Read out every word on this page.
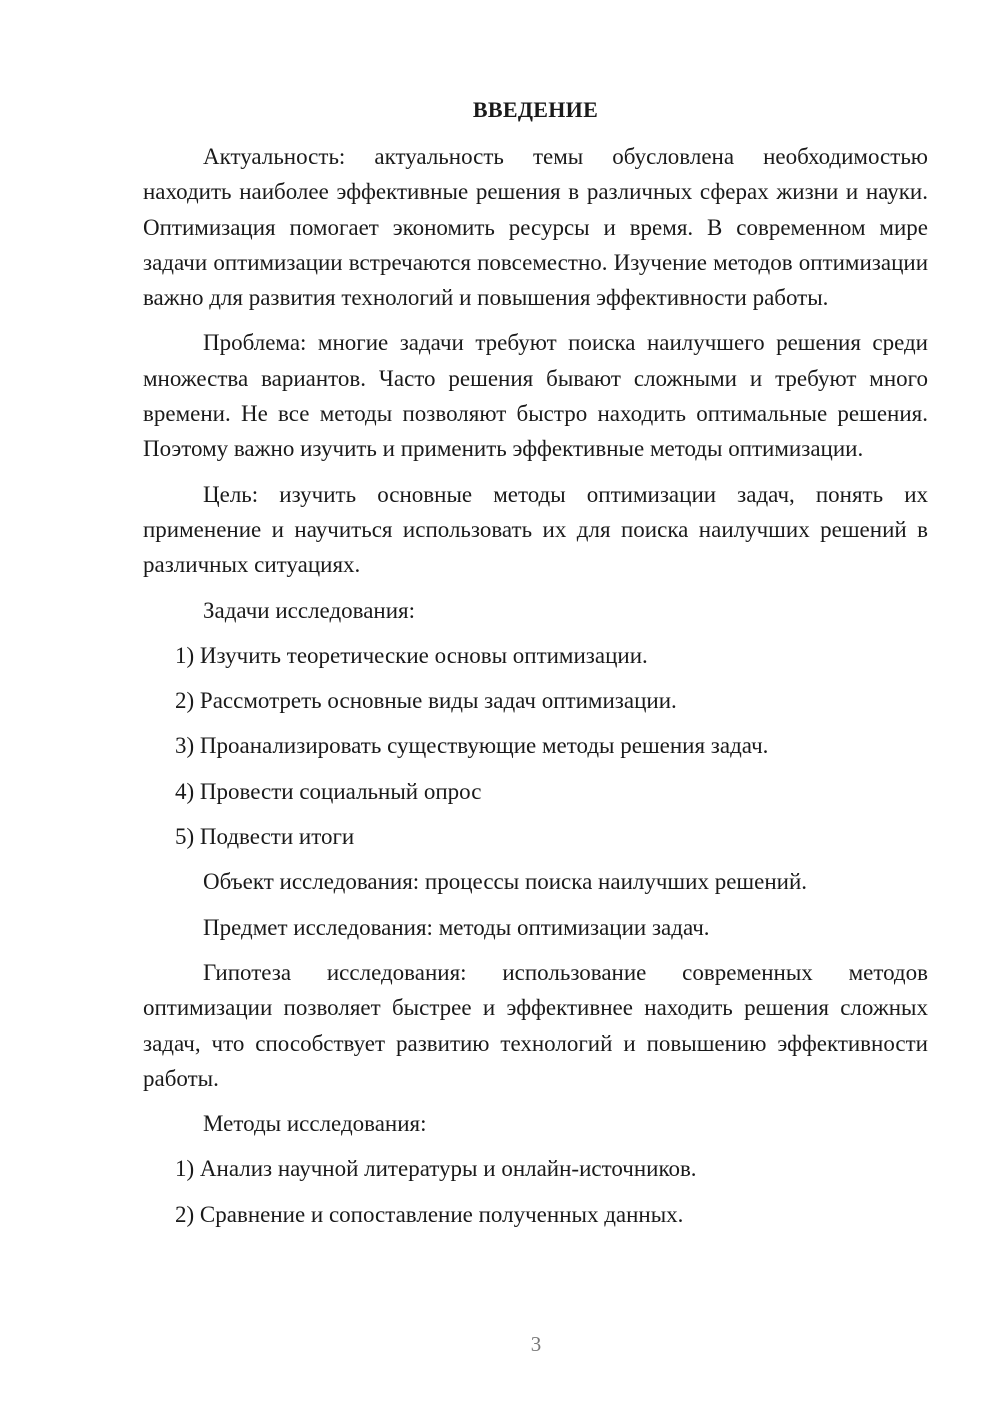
ВВЕДЕНИЕ

Актуальность: актуальность темы обусловлена необходимостью находить наиболее эффективные решения в различных сферах жизни и науки. Оптимизация помогает экономить ресурсы и время. В современном мире задачи оптимизации встречаются повсеместно. Изучение методов оптимизации важно для развития технологий и повышения эффективности работы.

Проблема: многие задачи требуют поиска наилучшего решения среди множества вариантов. Часто решения бывают сложными и требуют много времени. Не все методы позволяют быстро находить оптимальные решения. Поэтому важно изучить и применить эффективные методы оптимизации.

Цель: изучить основные методы оптимизации задач, понять их применение и научиться использовать их для поиска наилучших решений в различных ситуациях.

Задачи исследования:
1) Изучить теоретические основы оптимизации.
2) Рассмотреть основные виды задач оптимизации.
3) Проанализировать существующие методы решения задач.
4) Провести социальный опрос
5) Подвести итоги
Объект исследования: процессы поиска наилучших решений.
Предмет исследования: методы оптимизации задач.

Гипотеза исследования: использование современных методов оптимизации позволяет быстрее и эффективнее находить решения сложных задач, что способствует развитию технологий и повышению эффективности работы.

Методы исследования:
1) Анализ научной литературы и онлайн-источников.
2) Сравнение и сопоставление полученных данных.
3
